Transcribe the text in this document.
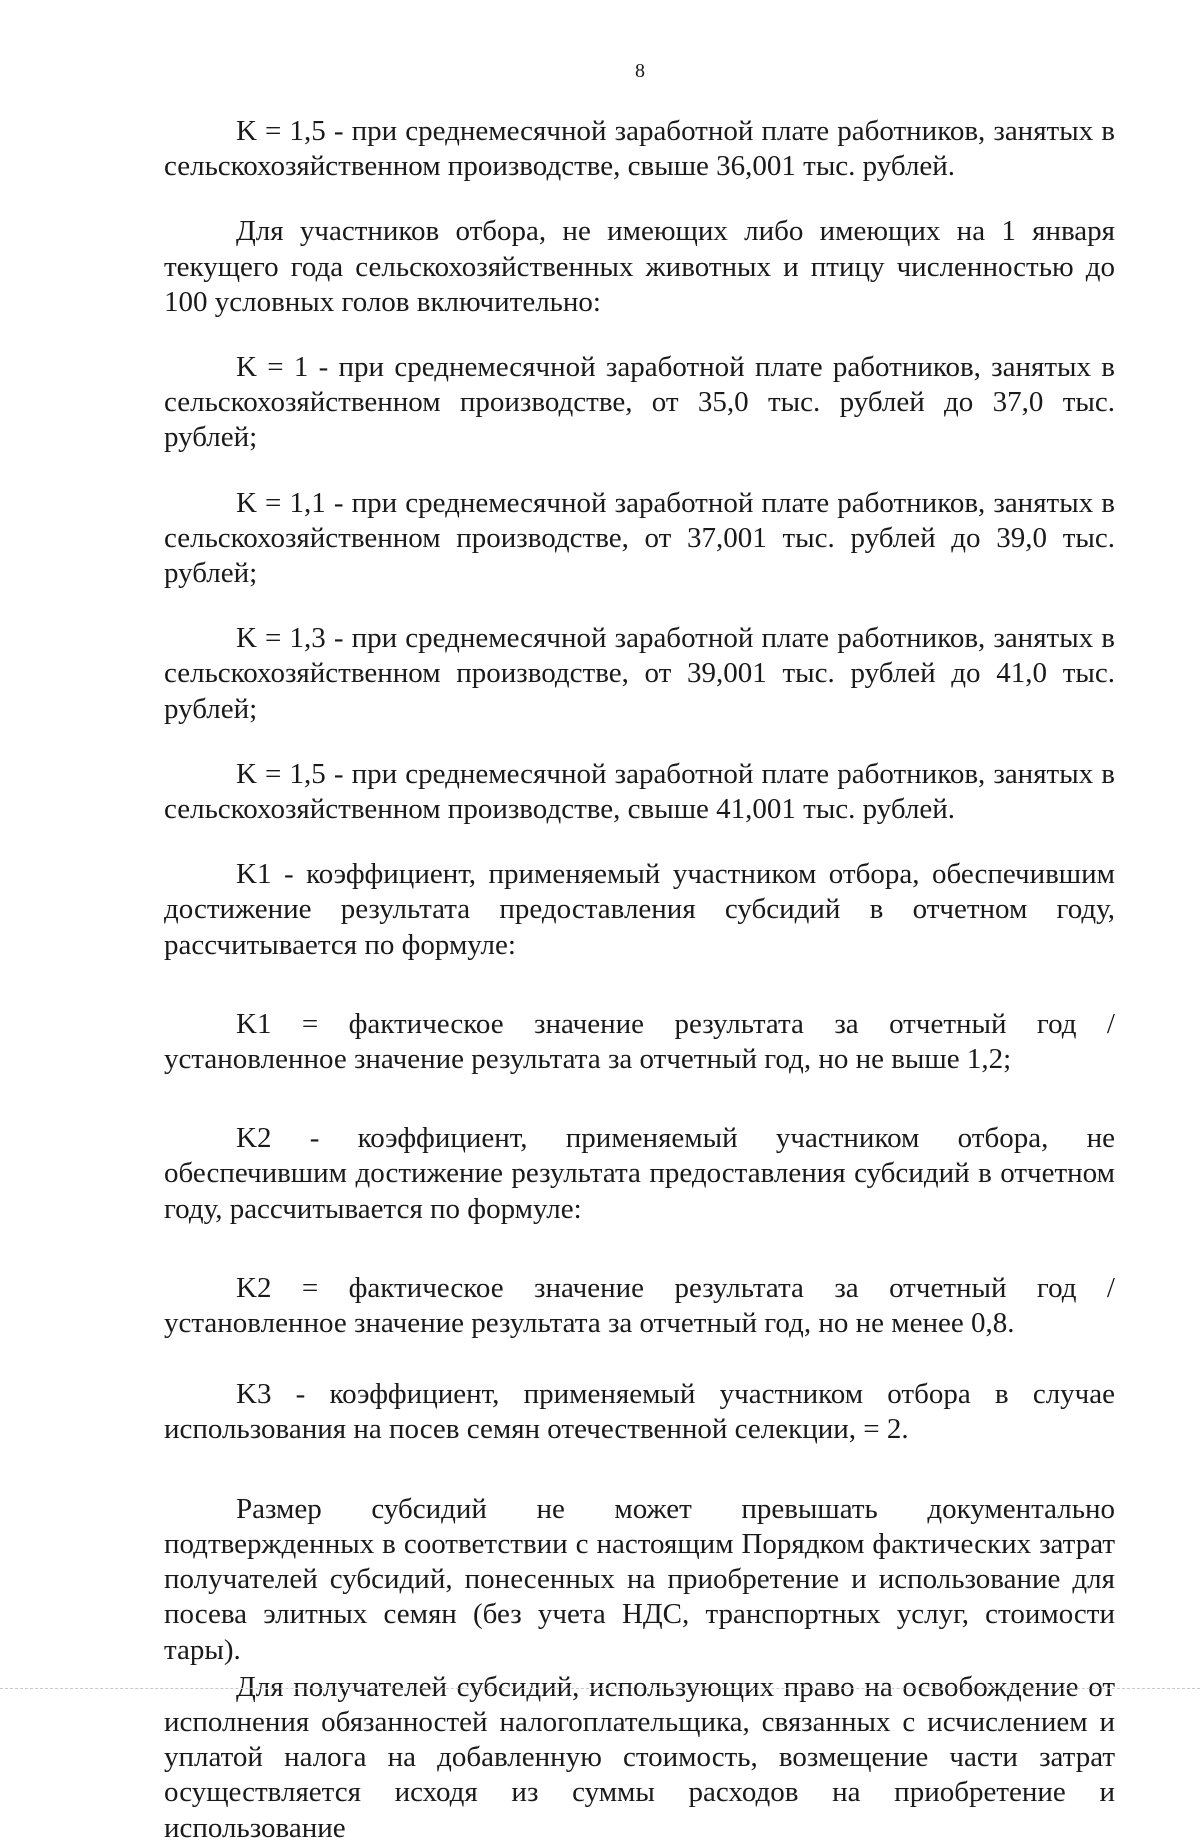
8

K = 1,5 - при среднемесячной заработной плате работников, занятых в сельскохозяйственном производстве, свыше 36,001 тыс. рублей.

Для участников отбора, не имеющих либо имеющих на 1 января текущего года сельскохозяйственных животных и птицу численностью до 100 условных голов включительно:

K = 1 - при среднемесячной заработной плате работников, занятых в сельскохозяйственном производстве, от 35,0 тыс. рублей до 37,0 тыс. рублей;

K = 1,1 - при среднемесячной заработной плате работников, занятых в сельскохозяйственном производстве, от 37,001 тыс. рублей до 39,0 тыс. рублей;

K = 1,3 - при среднемесячной заработной плате работников, занятых в сельскохозяйственном производстве, от 39,001 тыс. рублей до 41,0 тыс. рублей;

K = 1,5 - при среднемесячной заработной плате работников, занятых в сельскохозяйственном производстве, свыше 41,001 тыс. рублей.

K1 - коэффициент, применяемый участником отбора, обеспечившим достижение результата предоставления субсидий в отчетном году, рассчитывается по формуле:

K1 = фактическое значение результата за отчетный год / установленное значение результата за отчетный год, но не выше 1,2;

K2 - коэффициент, применяемый участником отбора, не обеспечившим достижение результата предоставления субсидий в отчетном году, рассчитывается по формуле:

K2 = фактическое значение результата за отчетный год / установленное значение результата за отчетный год, но не менее 0,8.

K3 - коэффициент, применяемый участником отбора в случае использования на посев семян отечественной селекции, = 2.

Размер субсидий не может превышать документально подтвержденных в соответствии с настоящим Порядком фактических затрат получателей субсидий, понесенных на приобретение и использование для посева элитных семян (без учета НДС, транспортных услуг, стоимости тары).

Для получателей субсидий, использующих право на освобождение от исполнения обязанностей налогоплательщика, связанных с исчислением и уплатой налога на добавленную стоимость, возмещение части затрат осуществляется исходя из суммы расходов на приобретение и использование
